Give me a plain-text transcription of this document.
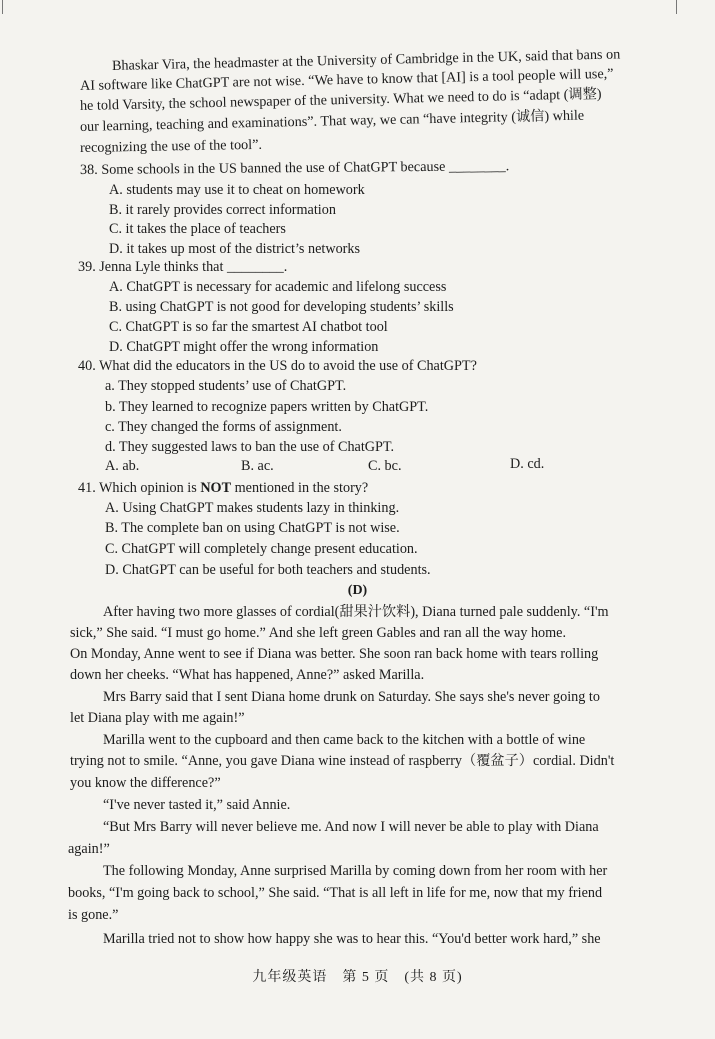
Bhaskar Vira, the headmaster at the University of Cambridge in the UK, said that bans on
AI software like ChatGPT are not wise. “We have to know that [AI] is a tool people will use,”
he told Varsity, the school newspaper of the university. What we need to do is “adapt (调整)
our learning, teaching and examinations”. That way, we can “have integrity (诚信) while
recognizing the use of the tool”.
38. Some schools in the US banned the use of ChatGPT because ________.
A. students may use it to cheat on homework
B. it rarely provides correct information
C. it takes the place of teachers
D. it takes up most of the district’s networks
39. Jenna Lyle thinks that ________.
A. ChatGPT is necessary for academic and lifelong success
B. using ChatGPT is not good for developing students’ skills
C. ChatGPT is so far the smartest AI chatbot tool
D. ChatGPT might offer the wrong information
40. What did the educators in the US do to avoid the use of ChatGPT?
a. They stopped students’ use of ChatGPT.
b. They learned to recognize papers written by ChatGPT.
c. They changed the forms of assignment.
d. They suggested laws to ban the use of ChatGPT.
A. ab.	B. ac.	C. bc.	D. cd.
41. Which opinion is NOT mentioned in the story?
A. Using ChatGPT makes students lazy in thinking.
B. The complete ban on using ChatGPT is not wise.
C. ChatGPT will completely change present education.
D. ChatGPT can be useful for both teachers and students.
(D)
After having two more glasses of cordial(甜果汁饮料), Diana turned pale suddenly. “I'm
sick,” She said. “I must go home.” And she left green Gables and ran all the way home.
On Monday, Anne went to see if Diana was better. She soon ran back home with tears rolling
down her cheeks. “What has happened, Anne?” asked Marilla.
Mrs Barry said that I sent Diana home drunk on Saturday. She says she's never going to
let Diana play with me again!”
Marilla went to the cupboard and then came back to the kitchen with a bottle of wine
trying not to smile. “Anne, you gave Diana wine instead of raspberry（覆盆子）cordial. Didn't
you know the difference?”
“I've never tasted it,” said Annie.
“But Mrs Barry will never believe me. And now I will never be able to play with Diana
again!”
The following Monday, Anne surprised Marilla by coming down from her room with her
books, “I'm going back to school,” She said. “That is all left in life for me, now that my friend
is gone.”
Marilla tried not to show how happy she was to hear this. “You'd better work hard,” she
九年级英语　第 5 页　(共 8 页)
